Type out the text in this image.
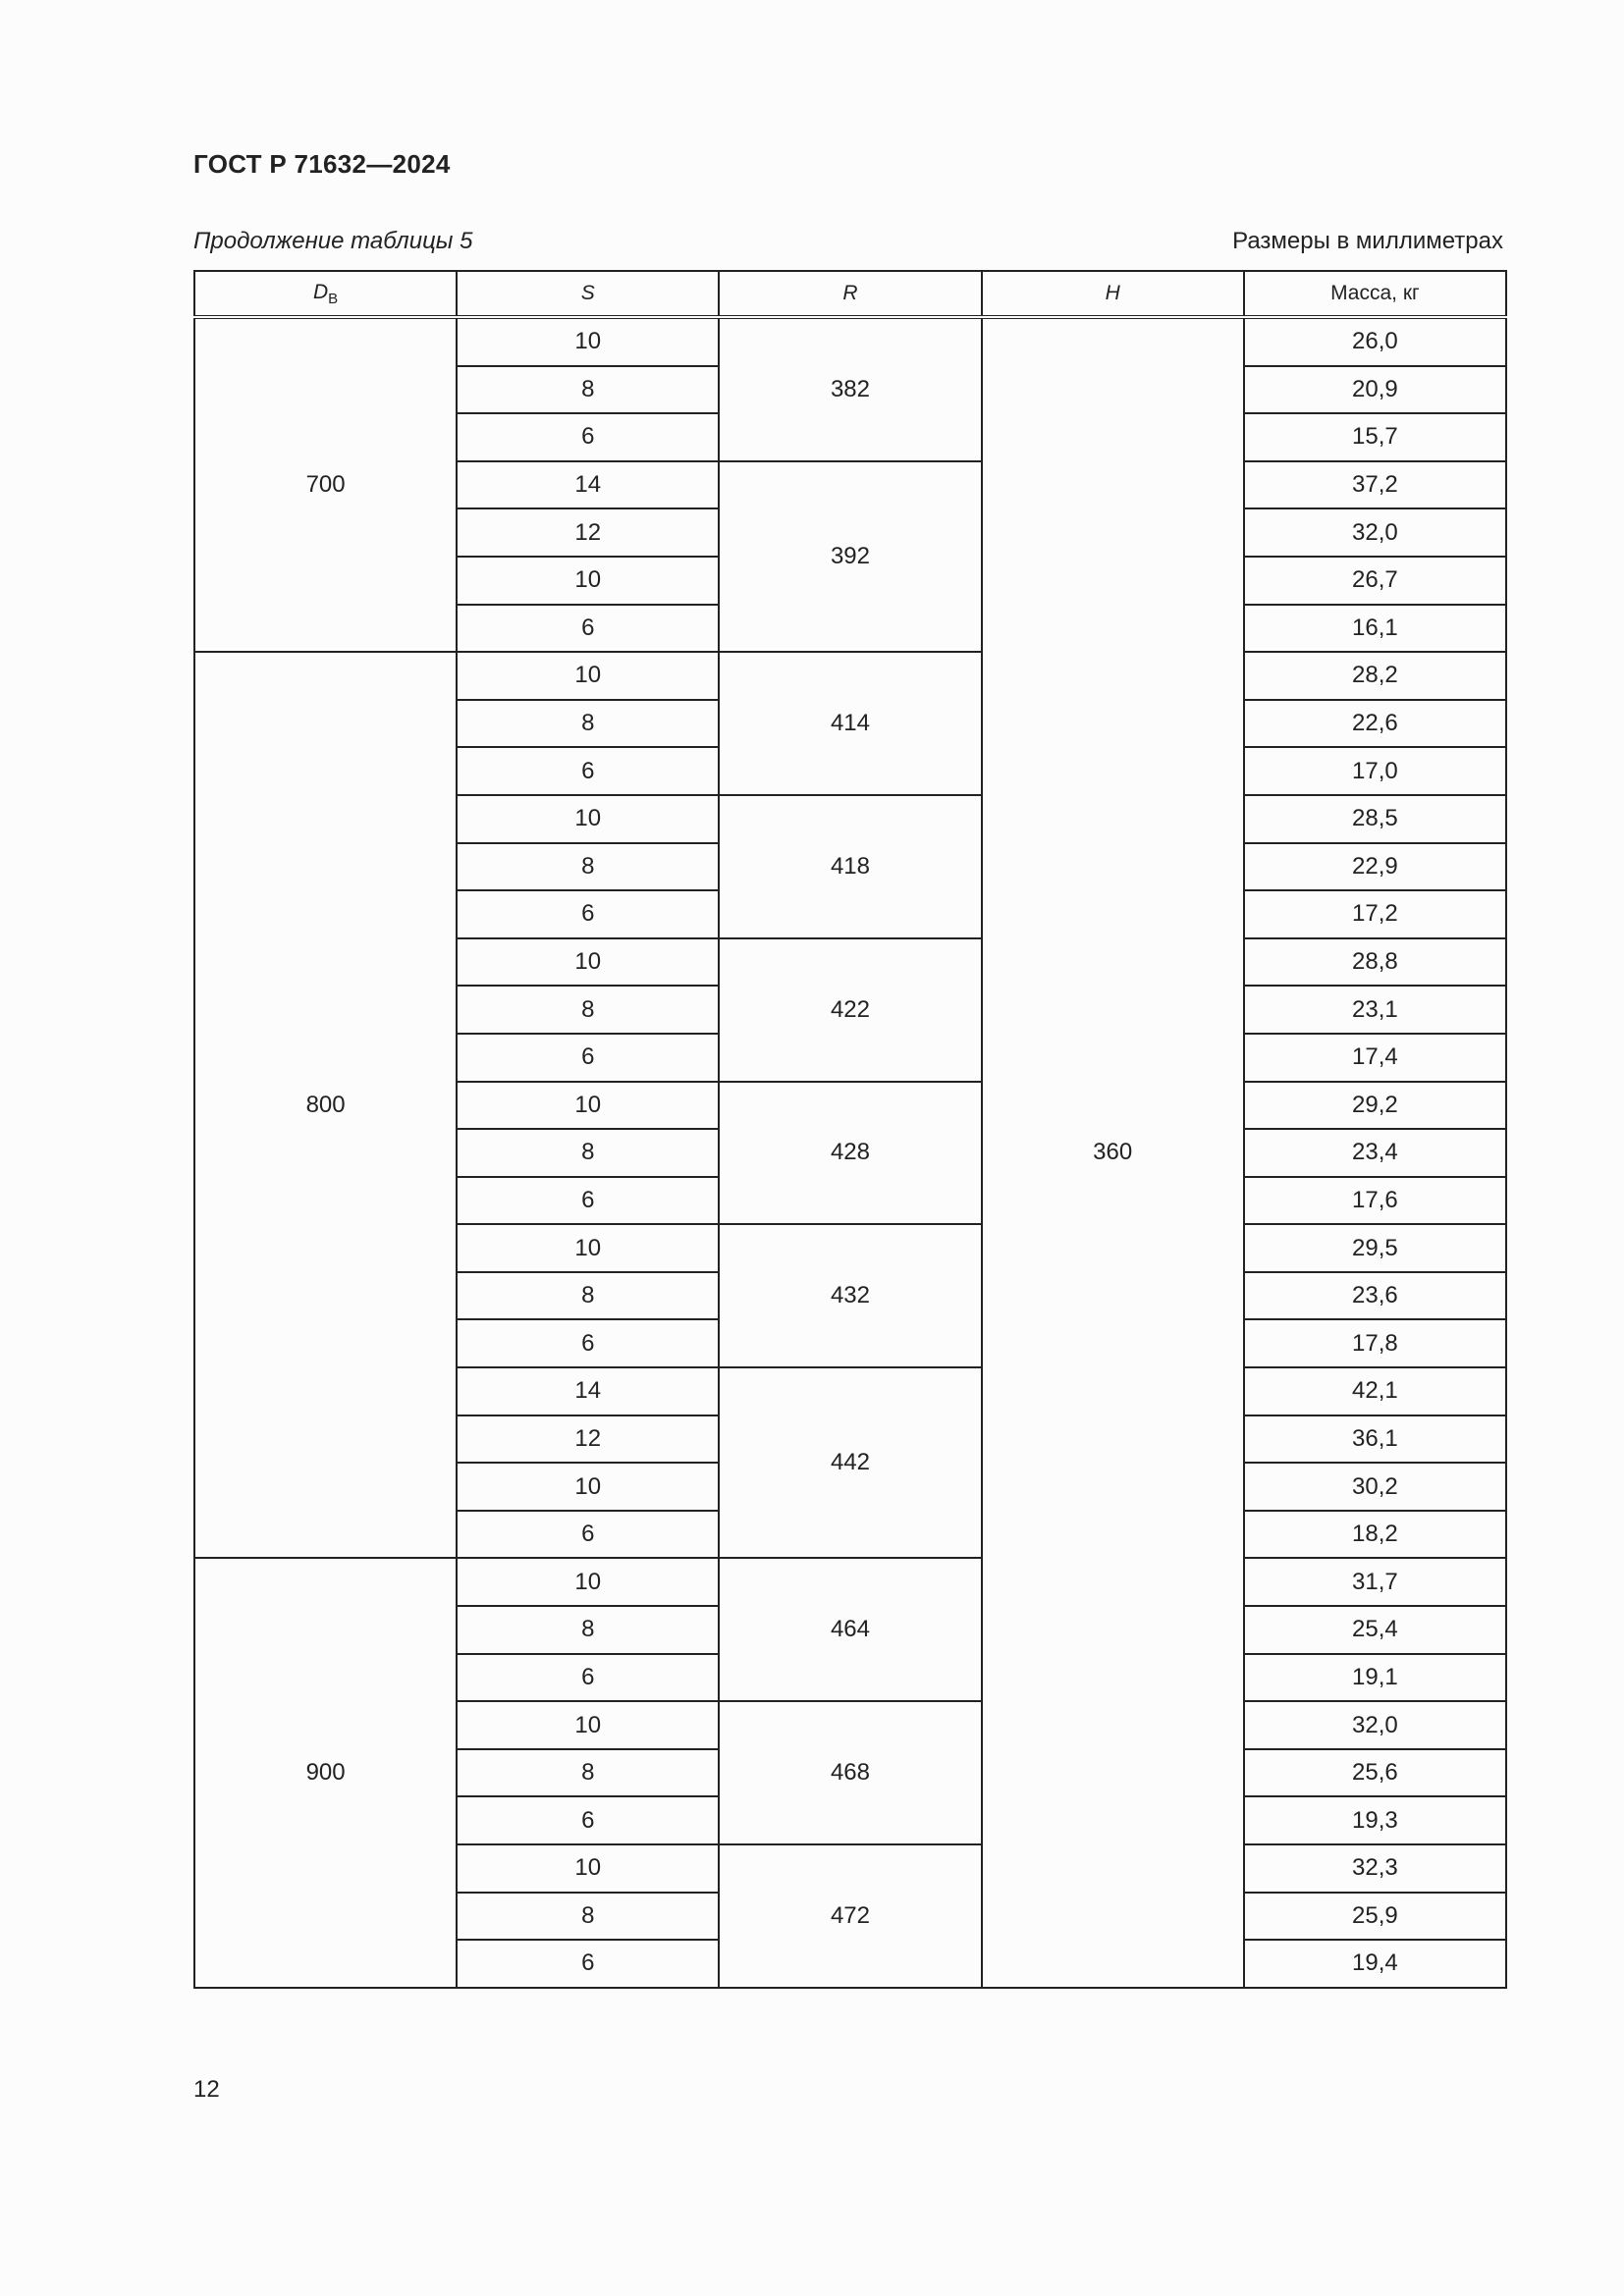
ГОСТ Р 71632—2024
Продолжение таблицы 5	Размеры в миллиметрах
$D_В$	S	R	H	Масса, кг
700	10	382	360	26,0
	8			20,9
	6			15,7
	14	392		37,2
	12			32,0
	10			26,7
	6			16,1
800	10	414		28,2
	8			22,6
	6			17,0
	10	418		28,5
	8			22,9
	6			17,2
	10	422		28,8
	8			23,1
	6			17,4
	10	428		29,2
	8			23,4
	6			17,6
	10	432		29,5
	8			23,6
	6			17,8
	14	442		42,1
	12			36,1
	10			30,2
	6			18,2
900	10	464		31,7
	8			25,4
	6			19,1
	10	468		32,0
	8			25,6
	6			19,3
	10	472		32,3
	8			25,9
	6			19,4
12
